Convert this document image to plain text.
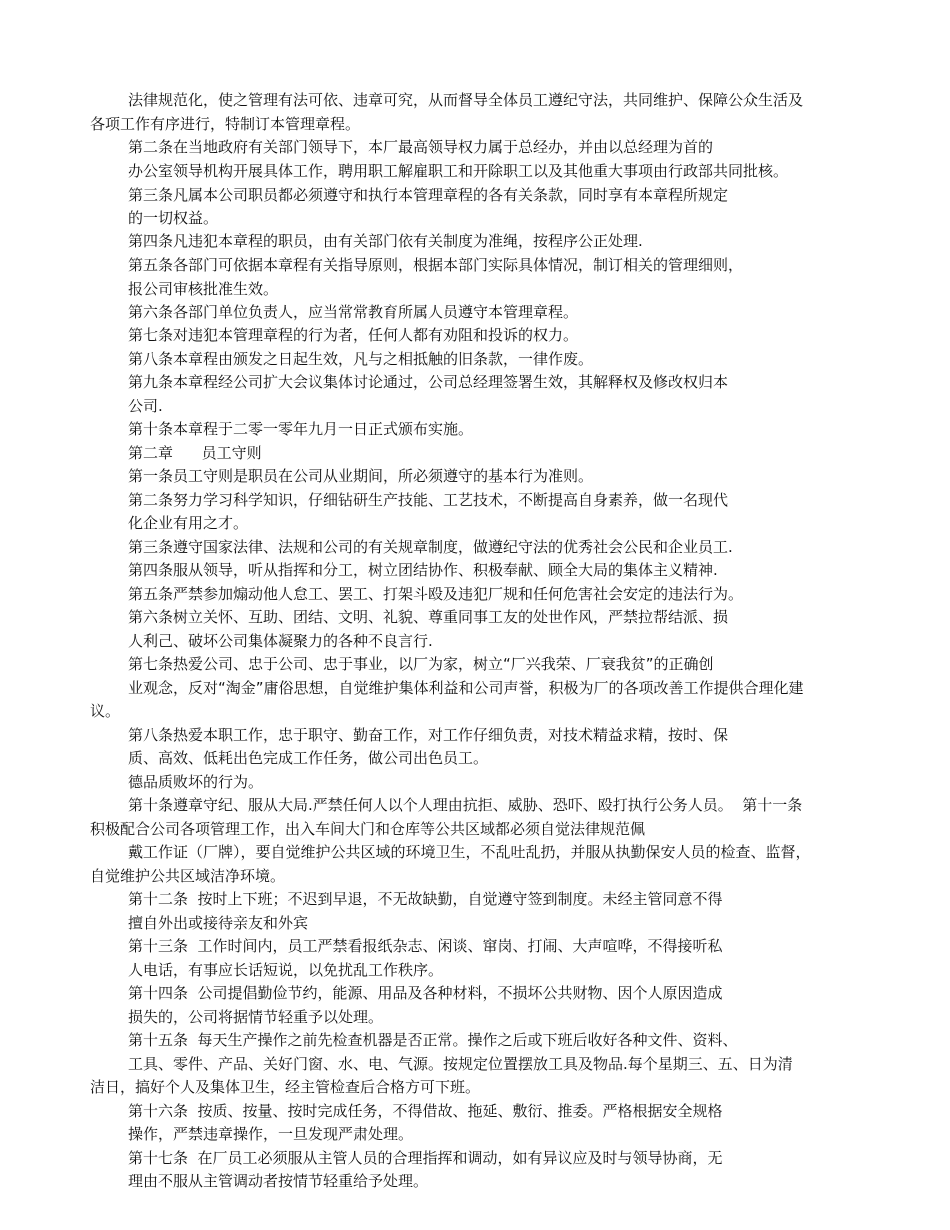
法律规范化，使之管理有法可依、违章可究，从而督导全体员工遵纪守法，共同维护、保障公众生活及

各项工作有序进行，特制订本管理章程。

第二条在当地政府有关部门领导下，本厂最高领导权力属于总经办，并由以总经理为首的

办公室领导机构开展具体工作，聘用职工解雇职工和开除职工以及其他重大事项由行政部共同批核。

第三条凡属本公司职员都必须遵守和执行本管理章程的各有关条款，同时享有本章程所规定

的一切权益。

第四条凡违犯本章程的职员，由有关部门依有关制度为准绳，按程序公正处理.

第五条各部门可依据本章程有关指导原则，根据本部门实际具体情况，制订相关的管理细则，

报公司审核批准生效。

第六条各部门单位负责人，应当常常教育所属人员遵守本管理章程。

第七条对违犯本管理章程的行为者，任何人都有劝阻和投诉的权力。

第八条本章程由颁发之日起生效，凡与之相抵触的旧条款，一律作废。

第九条本章程经公司扩大会议集体讨论通过，公司总经理签署生效，其解释权及修改权归本

公司.

第十条本章程于二零一零年九月一日正式颁布实施。

第二章      员工守则

第一条员工守则是职员在公司从业期间，所必须遵守的基本行为准则。

第二条努力学习科学知识，仔细钻研生产技能、工艺技术，不断提高自身素养，做一名现代

化企业有用之才。

第三条遵守国家法律、法规和公司的有关规章制度，做遵纪守法的优秀社会公民和企业员工.

第四条服从领导，听从指挥和分工，树立团结协作、积极奉献、顾全大局的集体主义精神.

第五条严禁参加煽动他人怠工、罢工、打架斗殴及违犯厂规和任何危害社会安定的违法行为。

第六条树立关怀、互助、团结、文明、礼貌、尊重同事工友的处世作风，严禁拉帮结派、损

人利己、破坏公司集体凝聚力的各种不良言行.

第七条热爱公司、忠于公司、忠于事业，以厂为家，树立“厂兴我荣、厂衰我贫”的正确创

业观念，反对“淘金”庸俗思想，自觉维护集体利益和公司声誉，积极为厂的各项改善工作提供合理化建

议。

第八条热爱本职工作，忠于职守、勤奋工作，对工作仔细负责，对技术精益求精，按时、保

质、高效、低耗出色完成工作任务，做公司出色员工。

德品质败坏的行为。

第十条遵章守纪、服从大局.严禁任何人以个人理由抗拒、威胁、恐吓、殴打执行公务人员。  第十一条

积极配合公司各项管理工作，出入车间大门和仓库等公共区域都必须自觉法律规范佩

戴工作证（厂牌），要自觉维护公共区域的环境卫生，不乱吐乱扔，并服从执勤保安人员的检查、监督，

自觉维护公共区域洁净环境。

第十二条  按时上下班；不迟到早退，不无故缺勤，自觉遵守签到制度。未经主管同意不得

擅自外出或接待亲友和外宾

第十三条  工作时间内，员工严禁看报纸杂志、闲谈、窜岗、打闹、大声喧哗，不得接听私

人电话，有事应长话短说，以免扰乱工作秩序。

第十四条  公司提倡勤俭节约，能源、用品及各种材料，不损坏公共财物、因个人原因造成

损失的，公司将据情节轻重予以处理。

第十五条  每天生产操作之前先检查机器是否正常。操作之后或下班后收好各种文件、资料、

工具、零件、产品、关好门窗、水、电、气源。按规定位置摆放工具及物品.每个星期三、五、日为清

洁日，搞好个人及集体卫生，经主管检查后合格方可下班。

第十六条  按质、按量、按时完成任务，不得借故、拖延、敷衍、推委。严格根据安全规格

操作，严禁违章操作，一旦发现严肃处理。

第十七条  在厂员工必须服从主管人员的合理指挥和调动，如有异议应及时与领导协商，无

理由不服从主管调动者按情节轻重给予处理。
